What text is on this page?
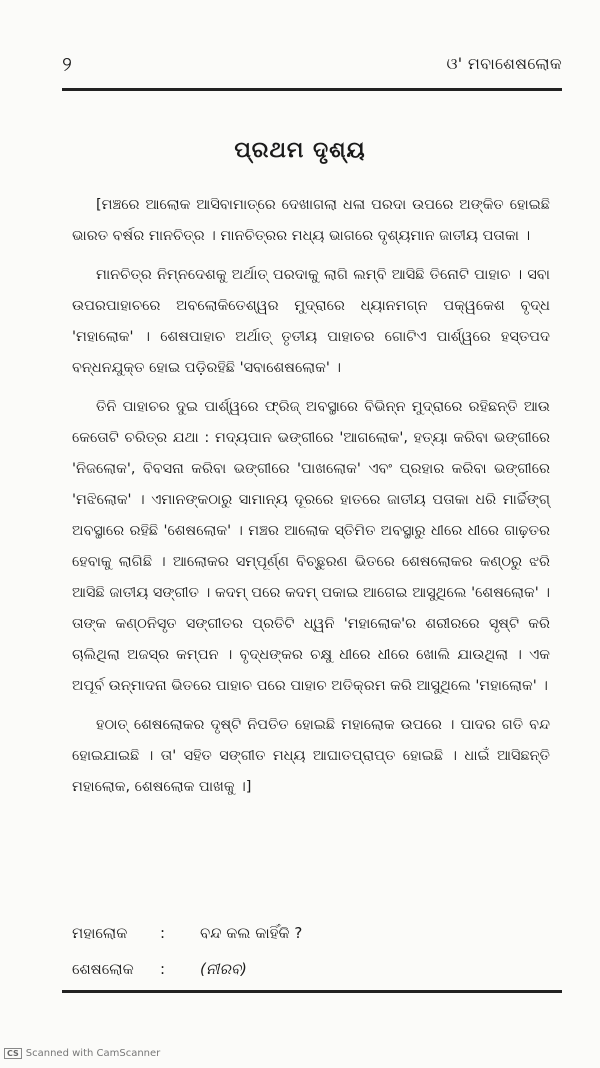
୨	ଓ' ମବାଶେଷଲୋକ
ପ୍ରଥମ ଦୃଶ୍ୟ

[ମଞ୍ଚରେ ଆଲୋକ ଆସିବାମାତ୍ରେ ଦେଖାଗଲା ଧଳା ପରଦା ଉପରେ ଅଙ୍କିତ ହୋଇଛି ଭାରତ ବର୍ଷର ମାନଚିତ୍ର । ମାନଚିତ୍ରର ମଧ୍ୟ ଭାଗରେ ଦୃଶ୍ୟମାନ ଜାତୀୟ ପତାକା ।

ମାନଚିତ୍ର ନିମ୍ନଦେଶକୁ ଅର୍ଥାତ୍ ପରଦାକୁ ଲାଗି ଲମ୍ବି ଆସିଛି ତିନୋଟି ପାହାଚ । ସବା ଉପରପାହାଚରେ ଅବଲୋକିତେଶ୍ୱର ମୁଦ୍ରାରେ ଧ୍ୟାନମଗ୍ନ ପକ୍ୱକେଶ ବୃଦ୍ଧ 'ମହାଲୋକ' । ଶେଷପାହାଚ ଅର୍ଥାତ୍ ତୃତୀୟ ପାହାଚର ଗୋଟିଏ ପାର୍ଶ୍ୱରେ ହସ୍ତପଦ ବନ୍ଧନଯୁକ୍ତ ହୋଇ ପଡ଼ିରହିଛି 'ସବାଶେଷଲୋକ' ।

ତିନି ପାହାଚର ଦୁଇ ପାର୍ଶ୍ୱରେ ଫ୍ରିଜ୍ ଅବସ୍ଥାରେ ବିଭିନ୍ନ ମୁଦ୍ରାରେ ରହିଛନ୍ତି ଆଉ କେତୋଟି ଚରିତ୍ର ଯଥା : ମଦ୍ୟପାନ ଭଙ୍ଗୀରେ 'ଆଗଲୋକ', ହତ୍ୟା କରିବା ଭଙ୍ଗୀରେ 'ନିଜଲୋକ', ବିବସନା କରିବା ଭଙ୍ଗୀରେ 'ପାଖଲୋକ' ଏବଂ ପ୍ରହାର କରିବା ଭଙ୍ଗୀରେ 'ମଝିଲୋକ' । ଏମାନଙ୍କଠାରୁ ସାମାନ୍ୟ ଦୂରରେ ହାତରେ ଜାତୀୟ ପତାକା ଧରି ମାର୍ଚ୍ଚିଙ୍ଗ୍ ଅବସ୍ଥାରେ ରହିଛି 'ଶେଷଲୋକ' । ମଞ୍ଚର ଆଲୋକ ସ୍ତିମିତ ଅବସ୍ଥାରୁ ଧୀରେ ଧୀରେ ଗାଢ଼ତର ହେବାକୁ ଲାଗିଛି । ଆଲୋକର ସମ୍ପୂର୍ଣ୍ଣ ବିଚ୍ଛୁରଣ ଭିତରେ ଶେଷଲୋକର କଣ୍ଠରୁ ଝରି ଆସିଛି ଜାତୀୟ ସଙ୍ଗୀତ । କଦମ୍ ପରେ କଦମ୍ ପକାଇ ଆଗେଇ ଆସୁଥିଲେ 'ଶେଷଲୋକ' । ତାଙ୍କ କଣ୍ଠନିସୃତ ସଙ୍ଗୀତର ପ୍ରତିଟି ଧ୍ୱନି 'ମହାଲୋକ'ର ଶରୀରରେ ସୃଷ୍ଟି କରି ଚାଲିଥିଲା ଅଜସ୍ର କମ୍ପନ । ବୃଦ୍ଧଙ୍କର ଚକ୍ଷୁ ଧୀରେ ଧୀରେ ଖୋଲି ଯାଉଥିଲା । ଏକ ଅପୂର୍ବ ଉନ୍ମାଦନା ଭିତରେ ପାହାଚ ପରେ ପାହାଚ ଅତିକ୍ରମ କରି ଆସୁଥିଲେ 'ମହାଲୋକ' ।

ହଠାତ୍ ଶେଷଲୋକର ଦୃଷ୍ଟି ନିପତିତ ହୋଇଛି ମହାଲୋକ ଉପରେ । ପାଦର ଗତି ବନ୍ଦ ହୋଇଯାଇଛି । ତା' ସହିତ ସଙ୍ଗୀତ ମଧ୍ୟ ଆଘାତପ୍ରାପ୍ତ ହୋଇଛି । ଧାଇଁ ଆସିଛନ୍ତି ମହାଲୋକ, ଶେଷଲୋକ ପାଖକୁ ।]

ମହାଲୋକ	:	ବନ୍ଦ କଲ କାହିଁକି ?
ଶେଷଲୋକ	:	(ନୀରବ)
CS Scanned with CamScanner
